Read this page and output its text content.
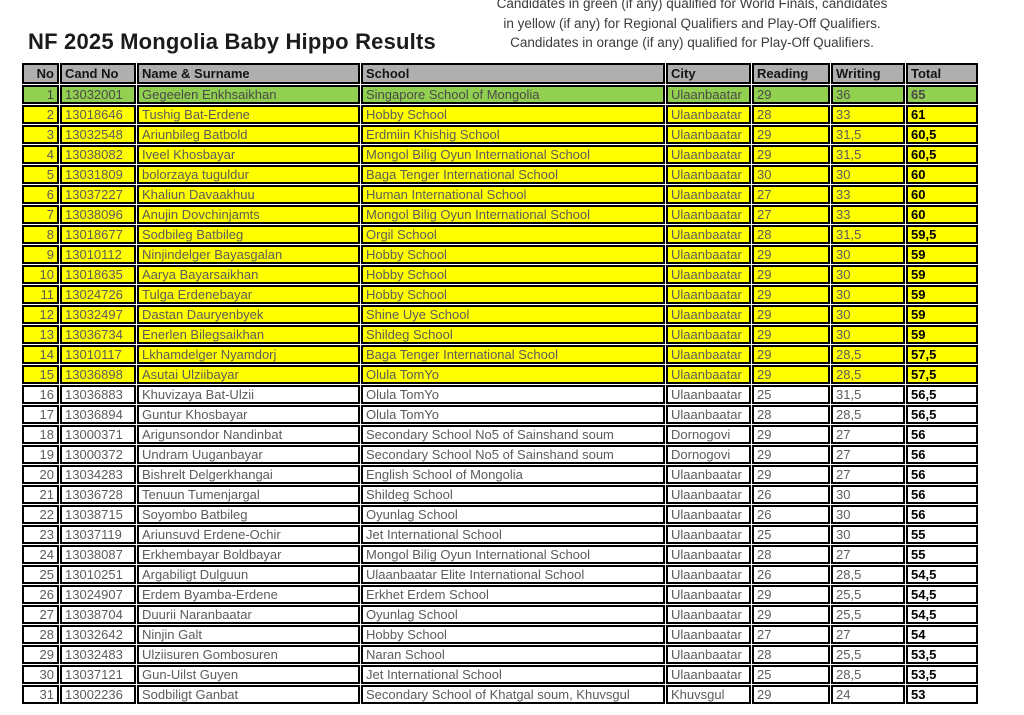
Candidates in green (if any) qualified for World Finals, candidates
in yellow (if any) for Regional Qualifiers and Play-Off Qualifiers.
Candidates in orange (if any) qualified for Play-Off Qualifiers.
NF 2025 Mongolia Baby Hippo Results
No	Cand No	Name & Surname	School	City	Reading	Writing	Total
1	13032001	Gegeelen Enkhsaikhan	Singapore School of Mongolia	Ulaanbaatar	29	36	65
2	13018646	Tushig Bat-Erdene	Hobby School	Ulaanbaatar	28	33	61
3	13032548	Ariunbileg Batbold	Erdmiin Khishig School	Ulaanbaatar	29	31,5	60,5
4	13038082	Iveel Khosbayar	Mongol Bilig Oyun International School	Ulaanbaatar	29	31,5	60,5
5	13031809	bolorzaya tuguldur	Baga Tenger International School	Ulaanbaatar	30	30	60
6	13037227	Khaliun Davaakhuu	Human International School	Ulaanbaatar	27	33	60
7	13038096	Anujin Dovchinjamts	Mongol Bilig Oyun International School	Ulaanbaatar	27	33	60
8	13018677	Sodbileg Batbileg	Orgil School	Ulaanbaatar	28	31,5	59,5
9	13010112	Ninjindelger Bayasgalan	Hobby School	Ulaanbaatar	29	30	59
10	13018635	Aarya Bayarsaikhan	Hobby School	Ulaanbaatar	29	30	59
11	13024726	Tulga Erdenebayar	Hobby School	Ulaanbaatar	29	30	59
12	13032497	Dastan Dauryenbyek	Shine Uye School	Ulaanbaatar	29	30	59
13	13036734	Enerlen Bilegsaikhan	Shildeg School	Ulaanbaatar	29	30	59
14	13010117	Lkhamdelger Nyamdorj	Baga Tenger International School	Ulaanbaatar	29	28,5	57,5
15	13036898	Asutai Ulziibayar	Olula TomYo	Ulaanbaatar	29	28,5	57,5
16	13036883	Khuvizaya Bat-Ulzii	Olula TomYo	Ulaanbaatar	25	31,5	56,5
17	13036894	Guntur Khosbayar	Olula TomYo	Ulaanbaatar	28	28,5	56,5
18	13000371	Arigunsondor Nandinbat	Secondary School No5 of Sainshand soum	Dornogovi	29	27	56
19	13000372	Undram Uuganbayar	Secondary School No5 of Sainshand soum	Dornogovi	29	27	56
20	13034283	Bishrelt Delgerkhangai	English School of Mongolia	Ulaanbaatar	29	27	56
21	13036728	Tenuun Tumenjargal	Shildeg School	Ulaanbaatar	26	30	56
22	13038715	Soyombo Batbileg	Oyunlag School	Ulaanbaatar	26	30	56
23	13037119	Ariunsuvd Erdene-Ochir	Jet International School	Ulaanbaatar	25	30	55
24	13038087	Erkhembayar Boldbayar	Mongol Bilig Oyun International School	Ulaanbaatar	28	27	55
25	13010251	Argabiligt Dulguun	Ulaanbaatar Elite International School	Ulaanbaatar	26	28,5	54,5
26	13024907	Erdem Byamba-Erdene	Erkhet Erdem School	Ulaanbaatar	29	25,5	54,5
27	13038704	Duurii Naranbaatar	Oyunlag School	Ulaanbaatar	29	25,5	54,5
28	13032642	Ninjin Galt	Hobby School	Ulaanbaatar	27	27	54
29	13032483	Ulziisuren Gombosuren	Naran School	Ulaanbaatar	28	25,5	53,5
30	13037121	Gun-Uilst Guyen	Jet International School	Ulaanbaatar	25	28,5	53,5
31	13002236	Sodbiligt Ganbat	Secondary School of Khatgal soum, Khuvsgul	Khuvsgul	29	24	53
